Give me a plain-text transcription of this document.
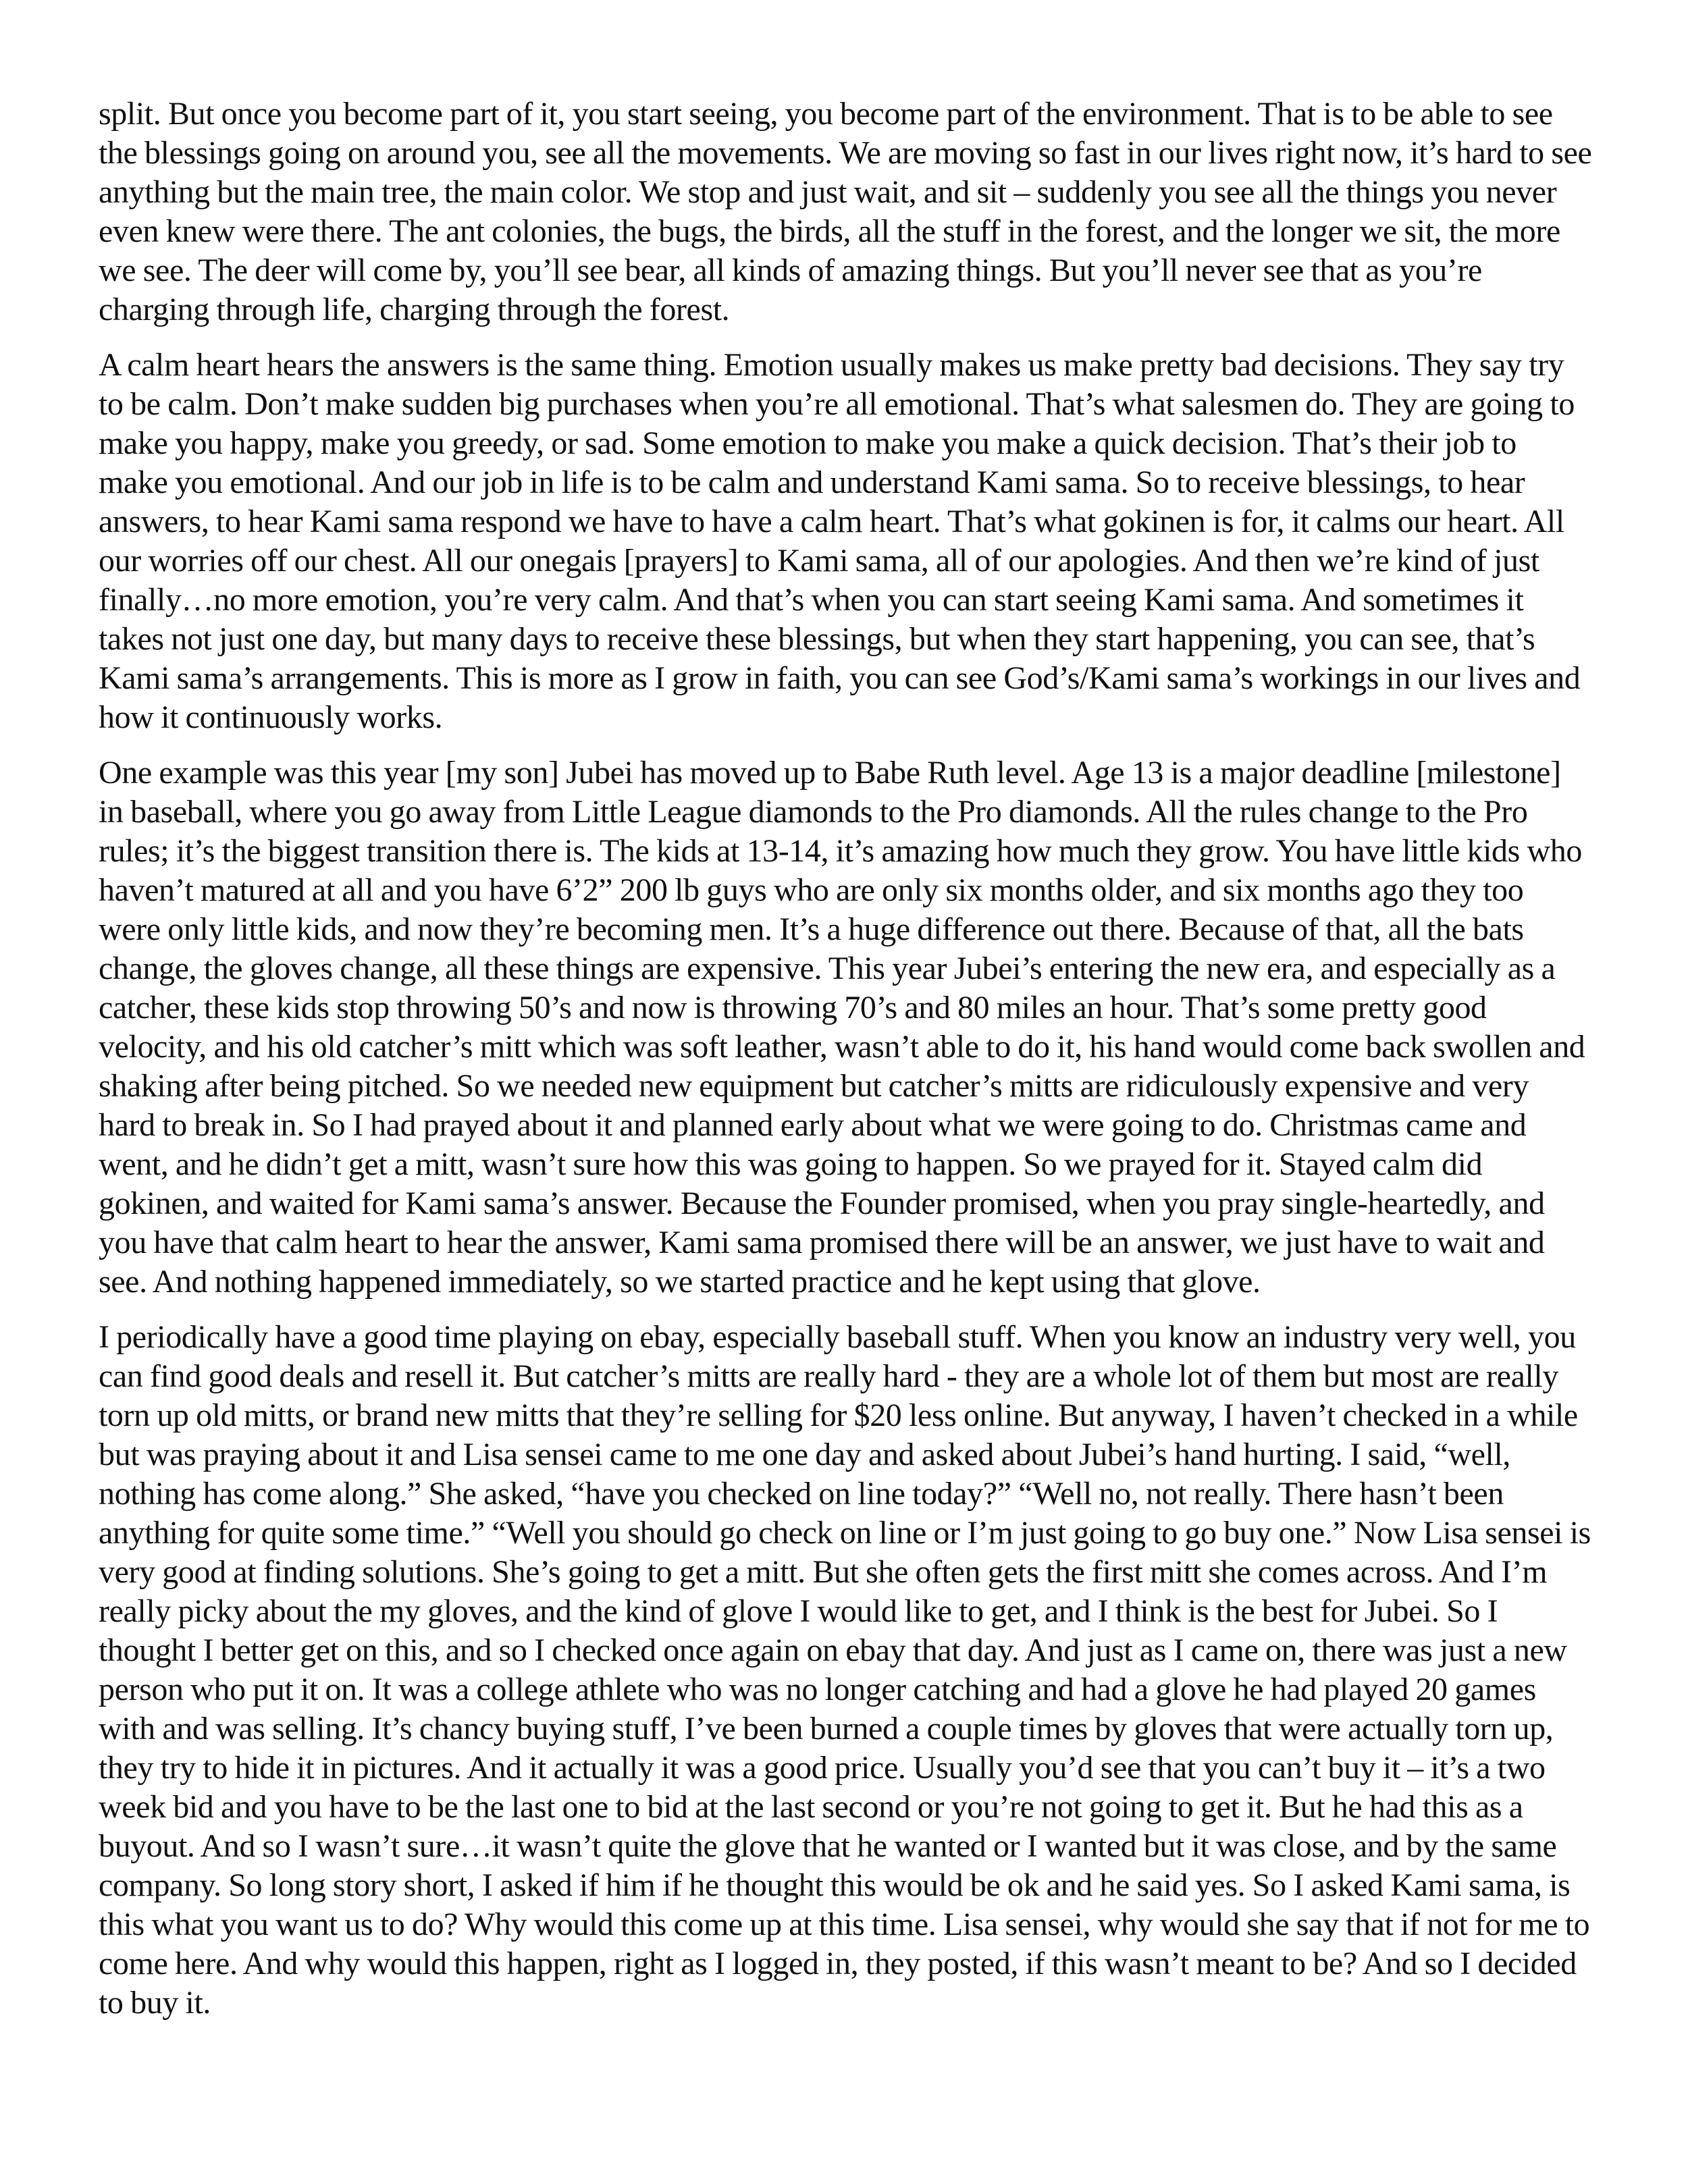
split. But once you become part of it, you start seeing, you become part of the environment. That is to be able to see the blessings going on around you, see all the movements. We are moving so fast in our lives right now, it’s hard to see anything but the main tree, the main color. We stop and just wait, and sit – suddenly you see all the things you never even knew were there. The ant colonies, the bugs, the birds, all the stuff in the forest, and the longer we sit, the more we see. The deer will come by, you’ll see bear, all kinds of amazing things. But you’ll never see that as you’re charging through life, charging through the forest.

A calm heart hears the answers is the same thing. Emotion usually makes us make pretty bad decisions. They say try to be calm. Don’t make sudden big purchases when you’re all emotional. That’s what salesmen do. They are going to make you happy, make you greedy, or sad. Some emotion to make you make a quick decision. That’s their job to make you emotional. And our job in life is to be calm and understand Kami sama. So to receive blessings, to hear answers, to hear Kami sama respond we have to have a calm heart. That’s what gokinen is for, it calms our heart. All our worries off our chest. All our onegais [prayers] to Kami sama, all of our apologies. And then we’re kind of just finally…no more emotion, you’re very calm. And that’s when you can start seeing Kami sama. And sometimes it takes not just one day, but many days to receive these blessings, but when they start happening, you can see, that’s Kami sama’s arrangements. This is more as I grow in faith, you can see God’s/Kami sama’s workings in our lives and how it continuously works.

One example was this year [my son] Jubei has moved up to Babe Ruth level. Age 13 is a major deadline [milestone] in baseball, where you go away from Little League diamonds to the Pro diamonds. All the rules change to the Pro rules; it’s the biggest transition there is. The kids at 13-14, it’s amazing how much they grow. You have little kids who haven’t matured at all and you have 6’2” 200 lb guys who are only six months older, and six months ago they too were only little kids, and now they’re becoming men. It’s a huge difference out there. Because of that, all the bats change, the gloves change, all these things are expensive. This year Jubei’s entering the new era, and especially as a catcher, these kids stop throwing 50’s and now is throwing 70’s and 80 miles an hour. That’s some pretty good velocity, and his old catcher’s mitt which was soft leather, wasn’t able to do it, his hand would come back swollen and shaking after being pitched. So we needed new equipment but catcher’s mitts are ridiculously expensive and very hard to break in. So I had prayed about it and planned early about what we were going to do. Christmas came and went, and he didn’t get a mitt, wasn’t sure how this was going to happen. So we prayed for it. Stayed calm did gokinen, and waited for Kami sama’s answer. Because the Founder promised, when you pray single-heartedly, and you have that calm heart to hear the answer, Kami sama promised there will be an answer, we just have to wait and see. And nothing happened immediately, so we started practice and he kept using that glove.

I periodically have a good time playing on ebay, especially baseball stuff. When you know an industry very well, you can find good deals and resell it. But catcher’s mitts are really hard - they are a whole lot of them but most are really torn up old mitts, or brand new mitts that they’re selling for $20 less online. But anyway, I haven’t checked in a while but was praying about it and Lisa sensei came to me one day and asked about Jubei’s hand hurting. I said, “well, nothing has come along.” She asked, “have you checked on line today?” “Well no, not really. There hasn’t been anything for quite some time.” “Well you should go check on line or I’m just going to go buy one.” Now Lisa sensei is very good at finding solutions. She’s going to get a mitt. But she often gets the first mitt she comes across. And I’m really picky about the my gloves, and the kind of glove I would like to get, and I think is the best for Jubei. So I thought I better get on this, and so I checked once again on ebay that day. And just as I came on, there was just a new person who put it on. It was a college athlete who was no longer catching and had a glove he had played 20 games with and was selling. It’s chancy buying stuff, I’ve been burned a couple times by gloves that were actually torn up, they try to hide it in pictures. And it actually it was a good price. Usually you’d see that you can’t buy it – it’s a two week bid and you have to be the last one to bid at the last second or you’re not going to get it. But he had this as a buyout. And so I wasn’t sure…it wasn’t quite the glove that he wanted or I wanted but it was close, and by the same company. So long story short, I asked if him if he thought this would be ok and he said yes. So I asked Kami sama, is this what you want us to do? Why would this come up at this time. Lisa sensei, why would she say that if not for me to come here. And why would this happen, right as I logged in, they posted, if this wasn’t meant to be? And so I decided to buy it.
